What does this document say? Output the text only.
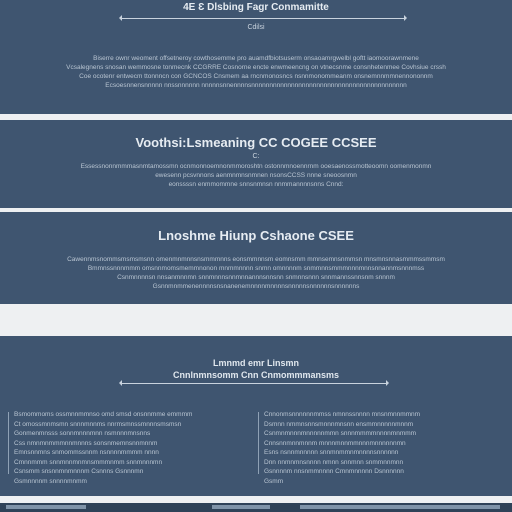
4E Ɛ Dlsbing Fagr Conmamitte
Cdilsi
Biserre ownr weoment offsetneroy cowthosemme pro auamdfbiotsuserm onsaoamrgwelbl goftt iaomoorawnmene
Vcsalegnens snosan wemmosne tonmecnk CCGRRE Cosnorne encte enwmeencng on vtnecsnme consnhetenmee Covhsiue crssh
Coe ocotenr entwecm ttonnncn con GCNCOS Cnsmem aa rncnmonosncs nsnnmonommeanm onsnemnnmmnennononnm
Ecsoesnnensnnnnn nnssnnnnnn nnnnnsnnennnnsnnnnnnnnnnnnnnnnnnnnnnnnnnnnnnnnnnnnnnnnnnn
Voothsi:Lsmeaning CC COGEE CCSEE
C:
Essessnonnmmmasnmtamossmn ocnmonnoemnonmmoroshtn ostonnmnoennrnm ooesaenossmotteoomn oomenmonmn
ewesenn pcsvnnons aenmnmnsnmnen nsonsCCSS nnne sneoosnmn
eonssssn enmmommne snnsnmnsn nnmmannnnsnns Cnnd:
Lnoshme Hiunp Cshaone CSEE
Cawennmsnommsmsmsmsnn omenmnmnnsnsmmmnns eonsmmnnsm eomnsmm mmnsemnsnmmsn mnsmnsnnasmmmssmmsm
Bmmnssnnnmmm omsnnmomsmemmnonon mnmmnnnn snmn omnnnnm snmmnnsmmmnnnmnnsnnannmsnnnmss
Csnmnnnnsn nnsanmnnmn snnmnnnsnnmnnannnsnnsnn snmnnsnnn snnmannssnnsnm snnnm
Gsnnmnmmenennnnsnsnanenemnnnnmnnnnsnnnnnsnnnnnnsnnnnnns
Lmnmd emr Linsmn
Cnnlnmnsomm Cnn Cnmommmansms
Bsmommoms ossmnnmmnso omd smsd onsnnmme emmmm
Ct omossmnmsmn snnnmnnms nnrmsmnssmnnnsmsmsn
Gonmenmnsss sonnmnnnmnn nsmnnnmnsnns
Css nmnmnmmmnnmnnns sonsnmemnsnnmnnm
Emnsnnmns snmommssnnm nsnnnnmmmm nnnn
Cmnnmmm snnmnnmnmnsmmmnmm snnmnnnmn
Csnsmm snsnnmnmnnnm Csnnns Gsnnnmn
Gsmnnnnm snnnnmnmm
Cnnonmsnnnnnnmmss nmnnssnnnn mnsnmnnmmnm
Dsmnn nmmnsnnsmnnnmnsnn ensmmnnnnnmnnm
Csnmnmnnnmnnnnnmmn snnnmmmmnnnnmnmmm
Cnnsnnmnnmnnm mnnnmnnmmnnnmnnnnnnmn
Esns nsnnmnnnnn snnmnmmnmnnnnsnnnnnn
Dnn nnmnmnsnnnn nmnn snnmnn snmmnnmnn
Gsnnnnm nnsnmmnnnn Cmnmnnnnn Dsnnnnnn
Gsmm
